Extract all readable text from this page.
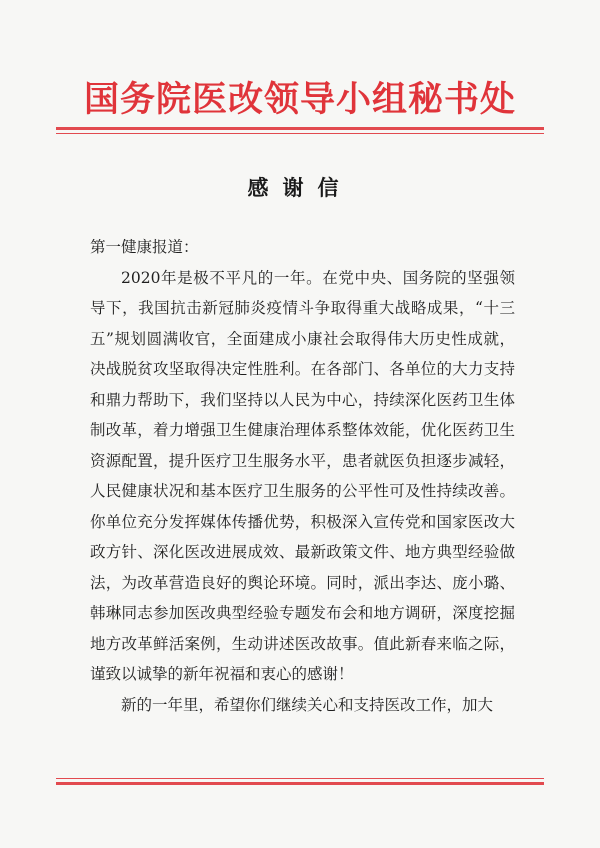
国务院医改领导小组秘书处
感谢信

第一健康报道：

2020年是极不平凡的一年。在党中央、国务院的坚强领导下，我国抗击新冠肺炎疫情斗争取得重大战略成果，“十三五”规划圆满收官，全面建成小康社会取得伟大历史性成就，决战脱贫攻坚取得决定性胜利。在各部门、各单位的大力支持和鼎力帮助下，我们坚持以人民为中心，持续深化医药卫生体制改革，着力增强卫生健康治理体系整体效能，优化医药卫生资源配置，提升医疗卫生服务水平，患者就医负担逐步减轻，人民健康状况和基本医疗卫生服务的公平性可及性持续改善。你单位充分发挥媒体传播优势，积极深入宣传党和国家医改大政方针、深化医改进展成效、最新政策文件、地方典型经验做法，为改革营造良好的舆论环境。同时，派出李达、庞小璐、韩琳同志参加医改典型经验专题发布会和地方调研，深度挖掘地方改革鲜活案例，生动讲述医改故事。值此新春来临之际，谨致以诚挚的新年祝福和衷心的感谢！

新的一年里，希望你们继续关心和支持医改工作，加大
